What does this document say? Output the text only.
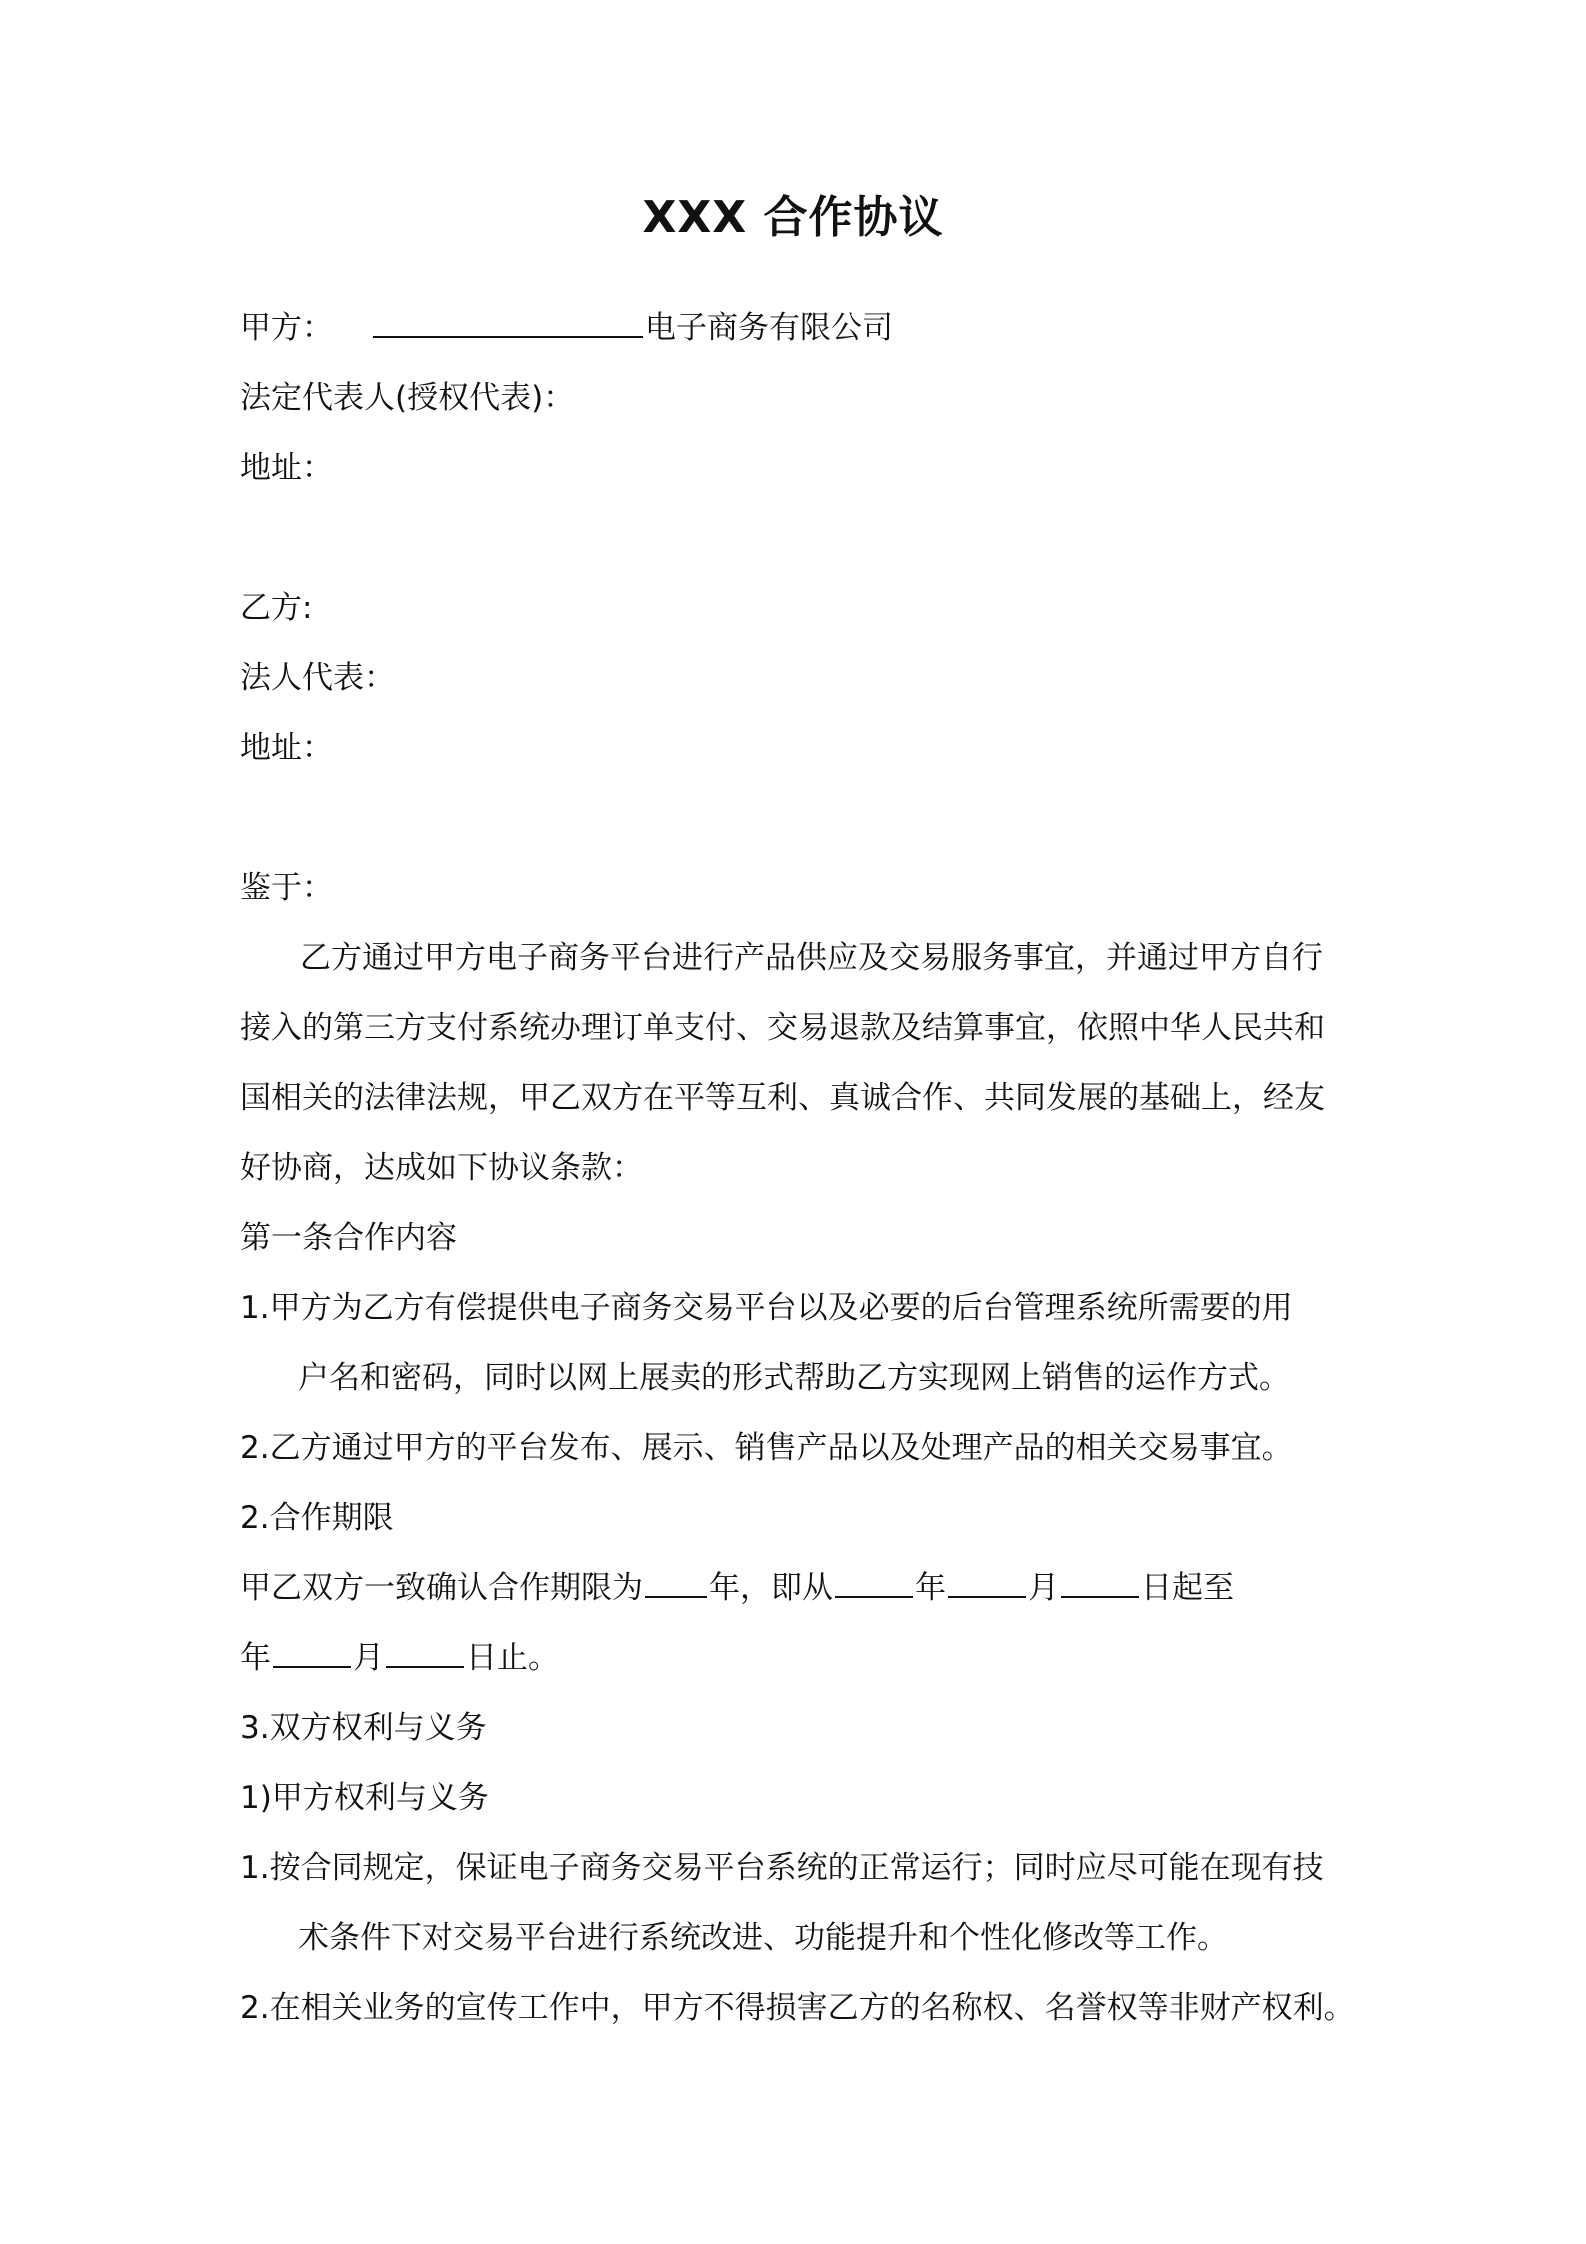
XXX 合作协议
甲方：	电子商务有限公司
法定代表人(授权代表)：
地址：
乙方:
法人代表：
地址：
鉴于：
乙方通过甲方电子商务平台进行产品供应及交易服务事宜，并通过甲方自行
接入的第三方支付系统办理订单支付、交易退款及结算事宜，依照中华人民共和
国相关的法律法规，甲乙双方在平等互利、真诚合作、共同发展的基础上，经友
好协商，达成如下协议条款：
第一条合作内容
1.甲方为乙方有偿提供电子商务交易平台以及必要的后台管理系统所需要的用
户名和密码，同时以网上展卖的形式帮助乙方实现网上销售的运作方式。
2.乙方通过甲方的平台发布、展示、销售产品以及处理产品的相关交易事宜。
2.合作期限
甲乙双方一致确认合作期限为 年，即从	年	月	日起至
年	月	日止。
3.双方权利与义务
1)甲方权利与义务
1.按合同规定，保证电子商务交易平台系统的正常运行；同时应尽可能在现有技
术条件下对交易平台进行系统改进、功能提升和个性化修改等工作。
2.在相关业务的宣传工作中，甲方不得损害乙方的名称权、名誉权等非财产权利。
